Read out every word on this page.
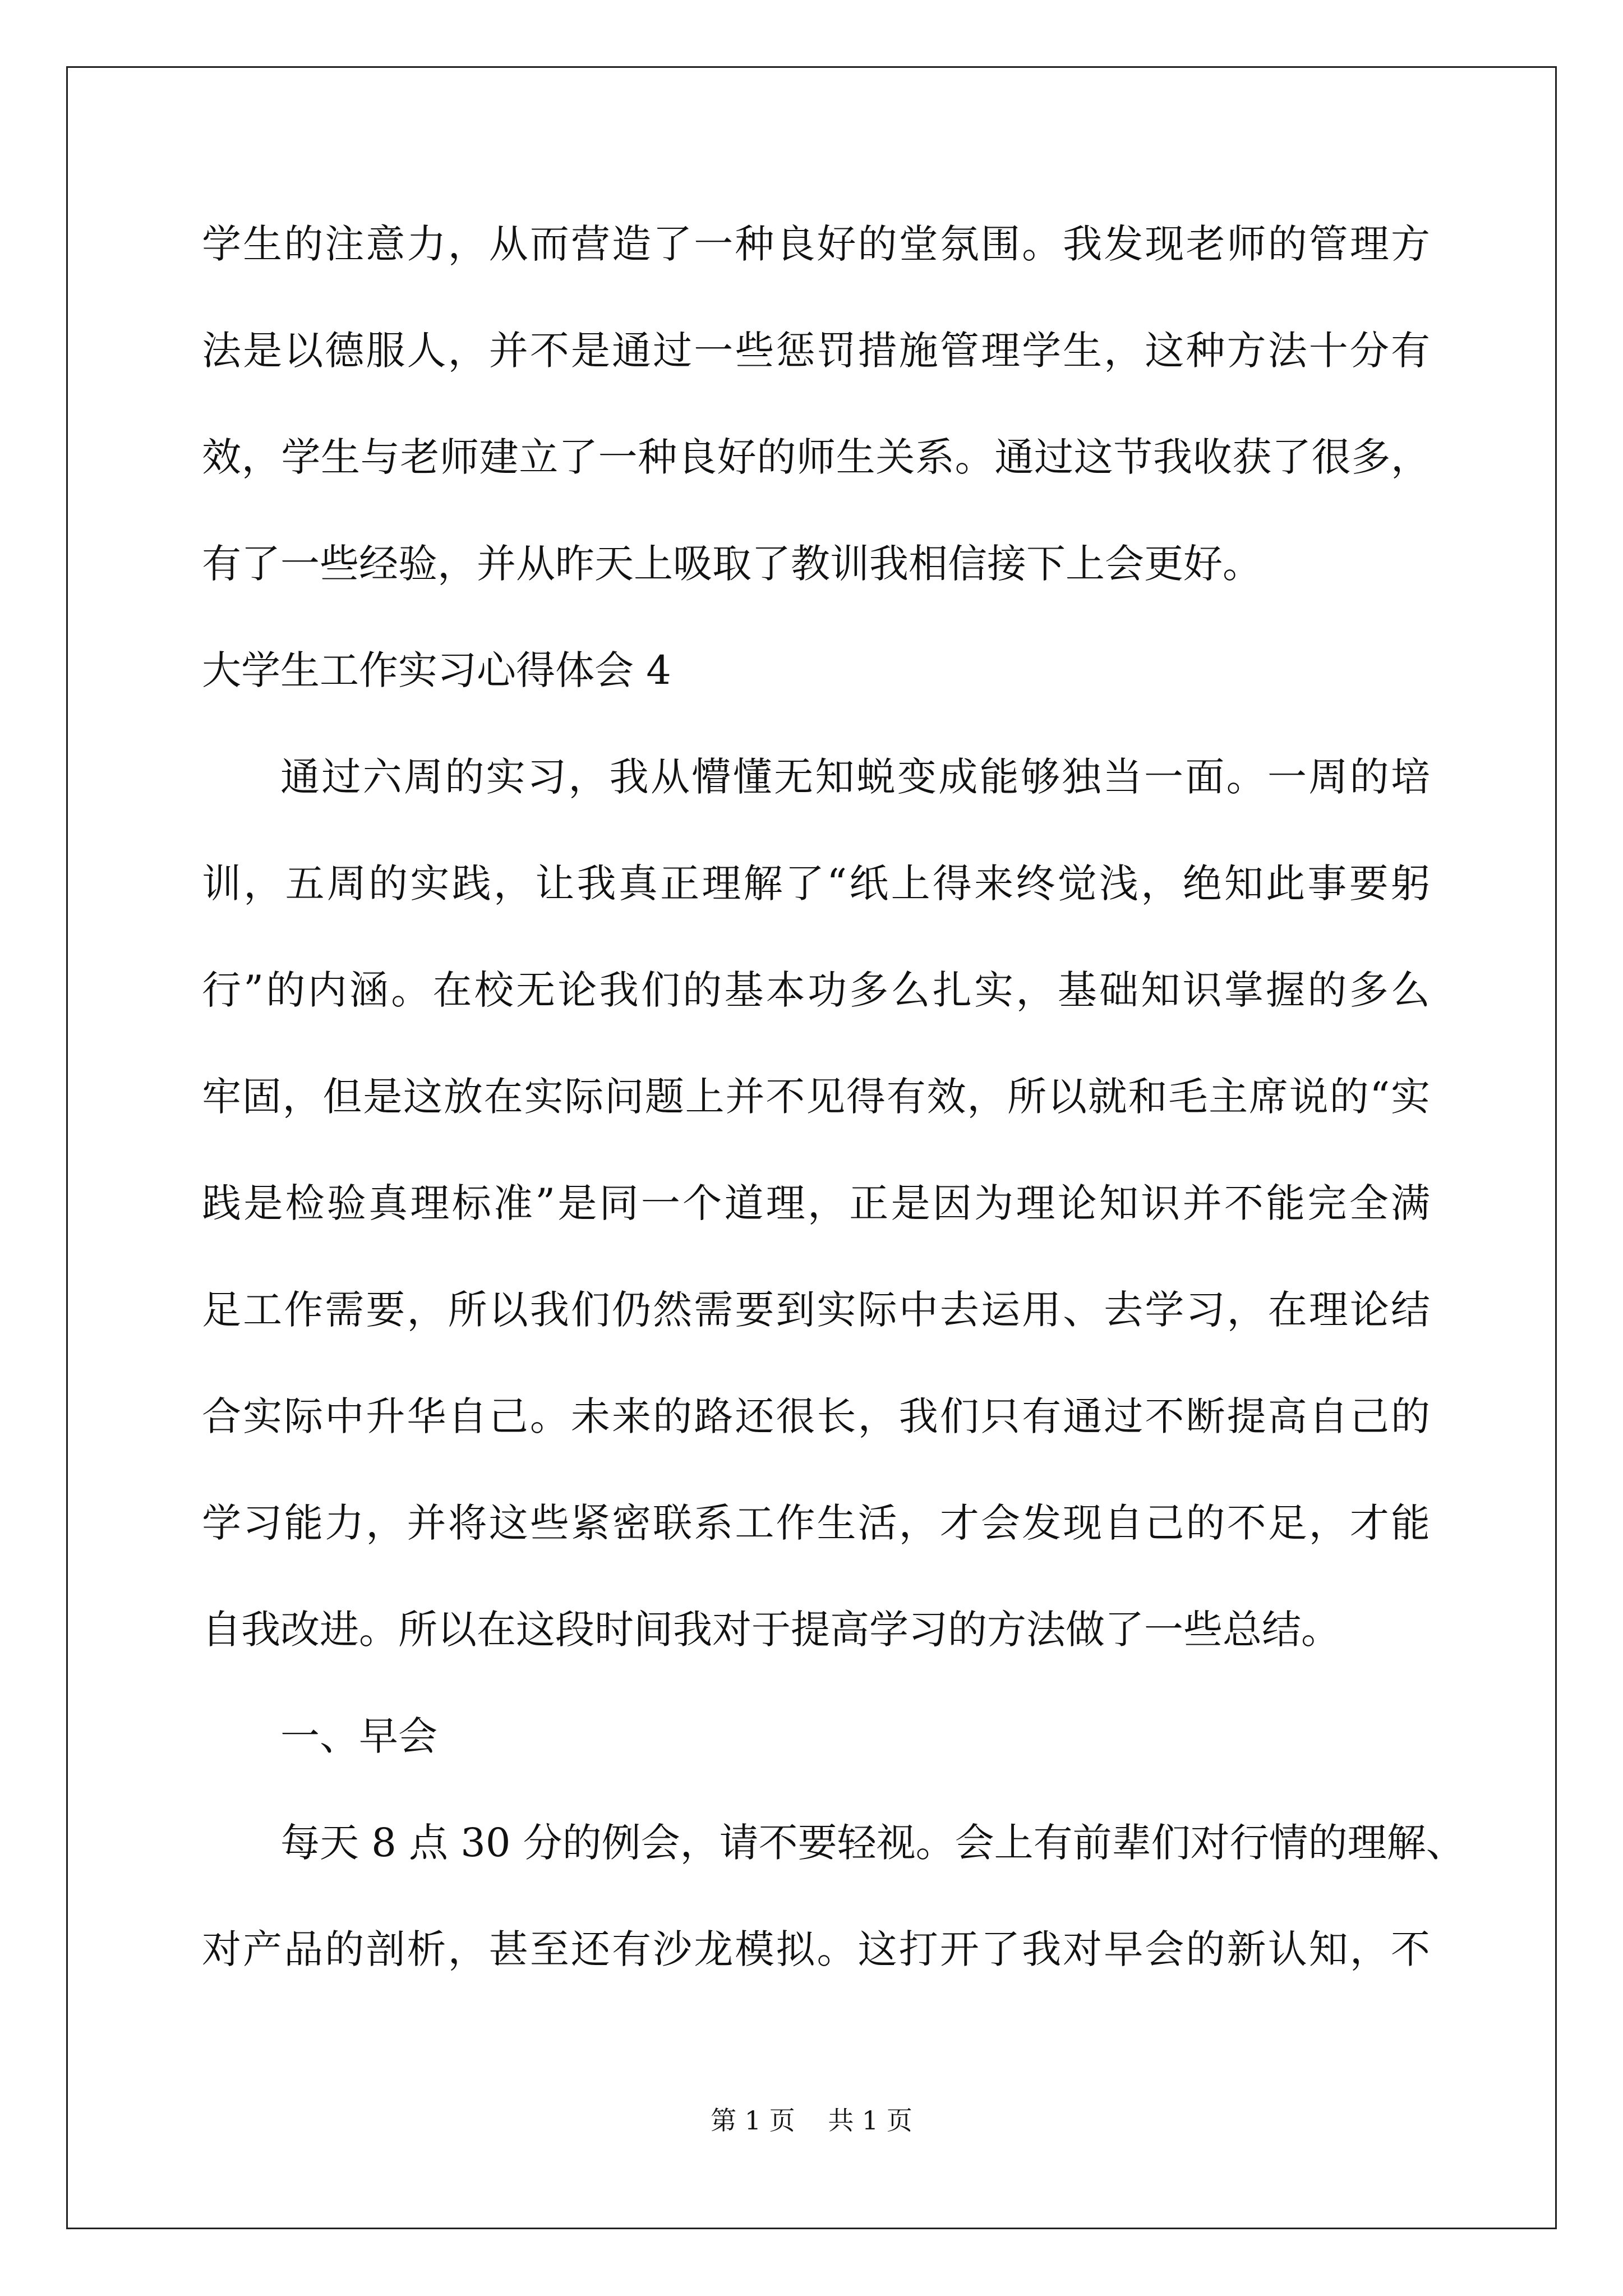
学生的注意力，从而营造了一种良好的堂氛围。我发现老师的管理方
法是以德服人，并不是通过一些惩罚措施管理学生，这种方法十分有
效，学生与老师建立了一种良好的师生关系。通过这节我收获了很多，
有了一些经验，并从昨天上吸取了教训我相信接下上会更好。
大学生工作实习心得体会 4
通过六周的实习，我从懵懂无知蜕变成能够独当一面。一周的培
训，五周的实践，让我真正理解了“纸上得来终觉浅，绝知此事要躬
行”的内涵。在校无论我们的基本功多么扎实，基础知识掌握的多么
牢固，但是这放在实际问题上并不见得有效，所以就和毛主席说的“实
践是检验真理标准”是同一个道理，正是因为理论知识并不能完全满
足工作需要，所以我们仍然需要到实际中去运用、去学习，在理论结
合实际中升华自己。未来的路还很长，我们只有通过不断提高自己的
学习能力，并将这些紧密联系工作生活，才会发现自己的不足，才能
自我改进。所以在这段时间我对于提高学习的方法做了一些总结。
一、早会
每天 8 点 30 分的例会，请不要轻视。会上有前辈们对行情的理解、
对产品的剖析，甚至还有沙龙模拟。这打开了我对早会的新认知，不
第 1 页 共 1 页
